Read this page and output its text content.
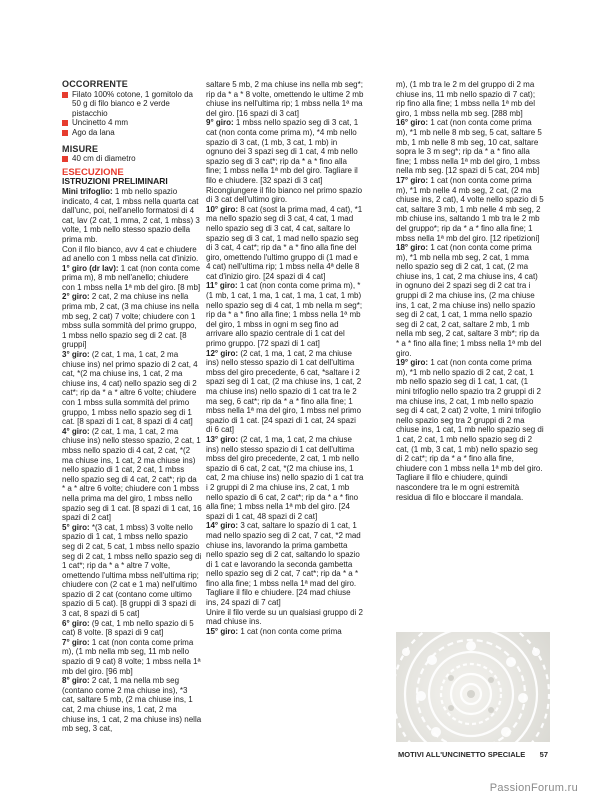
OCCORRENTE
Filato 100% cotone, 1 gomitolo da 50 g di filo bianco e 2 verde pistacchio
Uncinetto 4 mm
Ago da lana
MISURE
40 cm di diametro
ESECUZIONE
ISTRUZIONI PRELIMINARI

Mini trifoglio: 1 mb nello spazio indicato, 4 cat, 1 mbss nella quarta cat dall'unc, poi, nell'anello formatosi di 4 cat, lav (2 cat, 1 mma, 2 cat, 1 mbss) 3 volte, 1 mb nello stesso spazio della prima mb.

Con il filo bianco, avv 4 cat e chiudere ad anello con 1 mbss nella cat d'inizio.

1° giro (dr lav): 1 cat (non conta come prima m), 8 mb nell'anello; chiudere con 1 mbss nella 1ª mb del giro. [8 mb]

2° giro: 2 cat, 2 ma chiuse ins nella prima mb, 2 cat, (3 ma chiuse ins nella mb seg, 2 cat) 7 volte; chiudere con 1 mbss sulla sommità del primo gruppo, 1 mbss nello spazio seg di 2 cat. [8 gruppi]

3° giro: (2 cat, 1 ma, 1 cat, 2 ma chiuse ins) nel primo spazio di 2 cat, 4 cat, *(2 ma chiuse ins, 1 cat, 2 ma chiuse ins, 4 cat) nello spazio seg di 2 cat*; rip da * a * altre 6 volte; chiudere con 1 mbss sulla sommità del primo gruppo, 1 mbss nello spazio seg di 1 cat. [8 spazi di 1 cat, 8 spazi di 4 cat]

4° giro: (2 cat, 1 ma, 1 cat, 2 ma chiuse ins) nello stesso spazio, 2 cat, 1 mbss nello spazio di 4 cat, 2 cat, *(2 ma chiuse ins, 1 cat, 2 ma chiuse ins) nello spazio di 1 cat, 2 cat, 1 mbss nello spazio seg di 4 cat, 2 cat*; rip da * a * altre 6 volte; chiudere con 1 mbss nella prima ma del giro, 1 mbss nello spazio seg di 1 cat. [8 spazi di 1 cat, 16 spazi di 2 cat]

5° giro: *(3 cat, 1 mbss) 3 volte nello spazio di 1 cat, 1 mbss nello spazio seg di 2 cat, 5 cat, 1 mbss nello spazio seg di 2 cat, 1 mbss nello spazio seg di 1 cat*; rip da * a * altre 7 volte, omettendo l'ultima mbss nell'ultima rip; chiudere con (2 cat e 1 ma) nell'ultimo spazio di 2 cat (contano come ultimo spazio di 5 cat). [8 gruppi di 3 spazi di 3 cat, 8 spazi di 5 cat]

6° giro: (9 cat, 1 mb nello spazio di 5 cat) 8 volte. [8 spazi di 9 cat]

7° giro: 1 cat (non conta come prima m), (1 mb nella mb seg, 11 mb nello spazio di 9 cat) 8 volte; 1 mbss nella 1ª mb del giro. [96 mb]

8° giro: 2 cat, 1 ma nella mb seg (contano come 2 ma chiuse ins), *3 cat, saltare 5 mb, (2 ma chiuse ins, 1 cat, 2 ma chiuse ins, 1 cat, 2 ma chiuse ins, 1 cat, 2 ma chiuse ins) nella mb seg, 3 cat,

saltare 5 mb, 2 ma chiuse ins nella mb seg*; rip da * a * 8 volte, omettendo le ultime 2 mb chiuse ins nell'ultima rip; 1 mbss nella 1ª ma del giro. [16 spazi di 3 cat]

9° giro: 1 mbss nello spazio seg di 3 cat, 1 cat (non conta come prima m), *4 mb nello spazio di 3 cat, (1 mb, 3 cat, 1 mb) in ognuno dei 3 spazi seg di 1 cat, 4 mb nello spazio seg di 3 cat*; rip da * a * fino alla fine; 1 mbss nella 1ª mb del giro. Tagliare il filo e chiudere. [32 spazi di 3 cat]

Ricongiungere il filo bianco nel primo spazio di 3 cat dell'ultimo giro.

10° giro: 8 cat (sost la prima mad, 4 cat), *1 ma nello spazio seg di 3 cat, 4 cat, 1 mad nello spazio seg di 3 cat, 4 cat, saltare lo spazio seg di 3 cat, 1 mad nello spazio seg di 3 cat, 4 cat*; rip da * a * fino alla fine del giro, omettendo l'ultimo gruppo di (1 mad e 4 cat) nell'ultima rip; 1 mbss nella 4ª delle 8 cat d'inizio giro. [24 spazi di 4 cat]

11° giro: 1 cat (non conta come prima m), *(1 mb, 1 cat, 1 ma, 1 cat, 1 ma, 1 cat, 1 mb) nello spazio seg di 4 cat, 1 mb nella m seg*; rip da * a * fino alla fine; 1 mbss nella 1ª mb del giro, 1 mbss in ogni m seg fino ad arrivare allo spazio centrale di 1 cat del primo gruppo. [72 spazi di 1 cat]

12° giro: (2 cat, 1 ma, 1 cat, 2 ma chiuse ins) nello stesso spazio di 1 cat dell'ultima mbss del giro precedente, 6 cat, *saltare i 2 spazi seg di 1 cat, (2 ma chiuse ins, 1 cat, 2 ma chiuse ins) nello spazio di 1 cat tra le 2 ma seg, 6 cat*; rip da * a * fino alla fine; 1 mbss nella 1ª ma del giro, 1 mbss nel primo spazio di 1 cat. [24 spazi di 1 cat, 24 spazi di 6 cat]

13° giro: (2 cat, 1 ma, 1 cat, 2 ma chiuse ins) nello stesso spazio di 1 cat dell'ultima mbss del giro precedente, 2 cat, 1 mb nello spazio di 6 cat, 2 cat, *(2 ma chiuse ins, 1 cat, 2 ma chiuse ins) nello spazio di 1 cat tra i 2 gruppi di 2 ma chiuse ins, 2 cat, 1 mb nello spazio di 6 cat, 2 cat*; rip da * a * fino alla fine; 1 mbss nella 1ª mb del giro. [24 spazi di 1 cat, 48 spazi di 2 cat]

14° giro: 3 cat, saltare lo spazio di 1 cat, 1 mad nello spazio seg di 2 cat, 7 cat, *2 mad chiuse ins, lavorando la prima gambetta nello spazio seg di 2 cat, saltando lo spazio di 1 cat e lavorando la seconda gambetta nello spazio seg di 2 cat, 7 cat*; rip da * a * fino alla fine; 1 mbss nella 1ª mad del giro. Tagliare il filo e chiudere. [24 mad chiuse ins, 24 spazi di 7 cat]

Unire il filo verde su un qualsiasi gruppo di 2 mad chiuse ins.

15° giro: 1 cat (non conta come prima

m), (1 mb tra le 2 m del gruppo di 2 ma chiuse ins, 11 mb nello spazio di 7 cat); rip fino alla fine; 1 mbss nella 1ª mb del giro, 1 mbss nella mb seg. [288 mb]

16° giro: 1 cat (non conta come prima m), *1 mb nelle 8 mb seg, 5 cat, saltare 5 mb, 1 mb nelle 8 mb seg, 10 cat, saltare sopra le 3 m seg*; rip da * a * fino alla fine; 1 mbss nella 1ª mb del giro, 1 mbss nella mb seg. [12 spazi di 5 cat, 204 mb]

17° giro: 1 cat (non conta come prima m), *1 mb nelle 4 mb seg, 2 cat, (2 ma chiuse ins, 2 cat), 4 volte nello spazio di 5 cat, saltare 3 mb, 1 mb nelle 4 mb seg, 2 mb chiuse ins, saltando 1 mb tra le 2 mb del gruppo*; rip da * a * fino alla fine; 1 mbss nella 1ª mb del giro. [12 ripetizioni]

18° giro: 1 cat (non conta come prima m), *1 mb nella mb seg, 2 cat, 1 mma nello spazio seg di 2 cat, 1 cat, (2 ma chiuse ins, 1 cat, 2 ma chiuse ins, 4 cat) in ognuno dei 2 spazi seg di 2 cat tra i gruppi di 2 ma chiuse ins, (2 ma chiuse ins, 1 cat, 2 ma chiuse ins) nello spazio seg di 2 cat, 1 cat, 1 mma nello spazio seg di 2 cat, 2 cat, saltare 2 mb, 1 mb nella mb seg, 2 cat, saltare 3 mb*; rip da * a * fino alla fine; 1 mbss nella 1ª mb del giro.

19° giro: 1 cat (non conta come prima m), *1 mb nello spazio di 2 cat, 2 cat, 1 mb nello spazio seg di 1 cat, 1 cat, (1 mini trifoglio nello spazio tra 2 gruppi di 2 ma chiuse ins, 2 cat, 1 mb nello spazio seg di 4 cat, 2 cat) 2 volte, 1 mini trifoglio nello spazio seg tra 2 gruppi di 2 ma chiuse ins, 1 cat, 1 mb nello spazio seg di 1 cat, 2 cat, 1 mb nello spazio seg di 2 cat, (1 mb, 3 cat, 1 mb) nello spazio seg di 2 cat*; rip da * a * fino alla fine, chiudere con 1 mbss nella 1ª mb del giro. Tagliare il filo e chiudere, quindi nascondere tra le m ogni estremità residua di filo e bloccare il mandala.

MOTIVI ALL'UNCINETTO SPECIALE 57
PassionForum.ru
